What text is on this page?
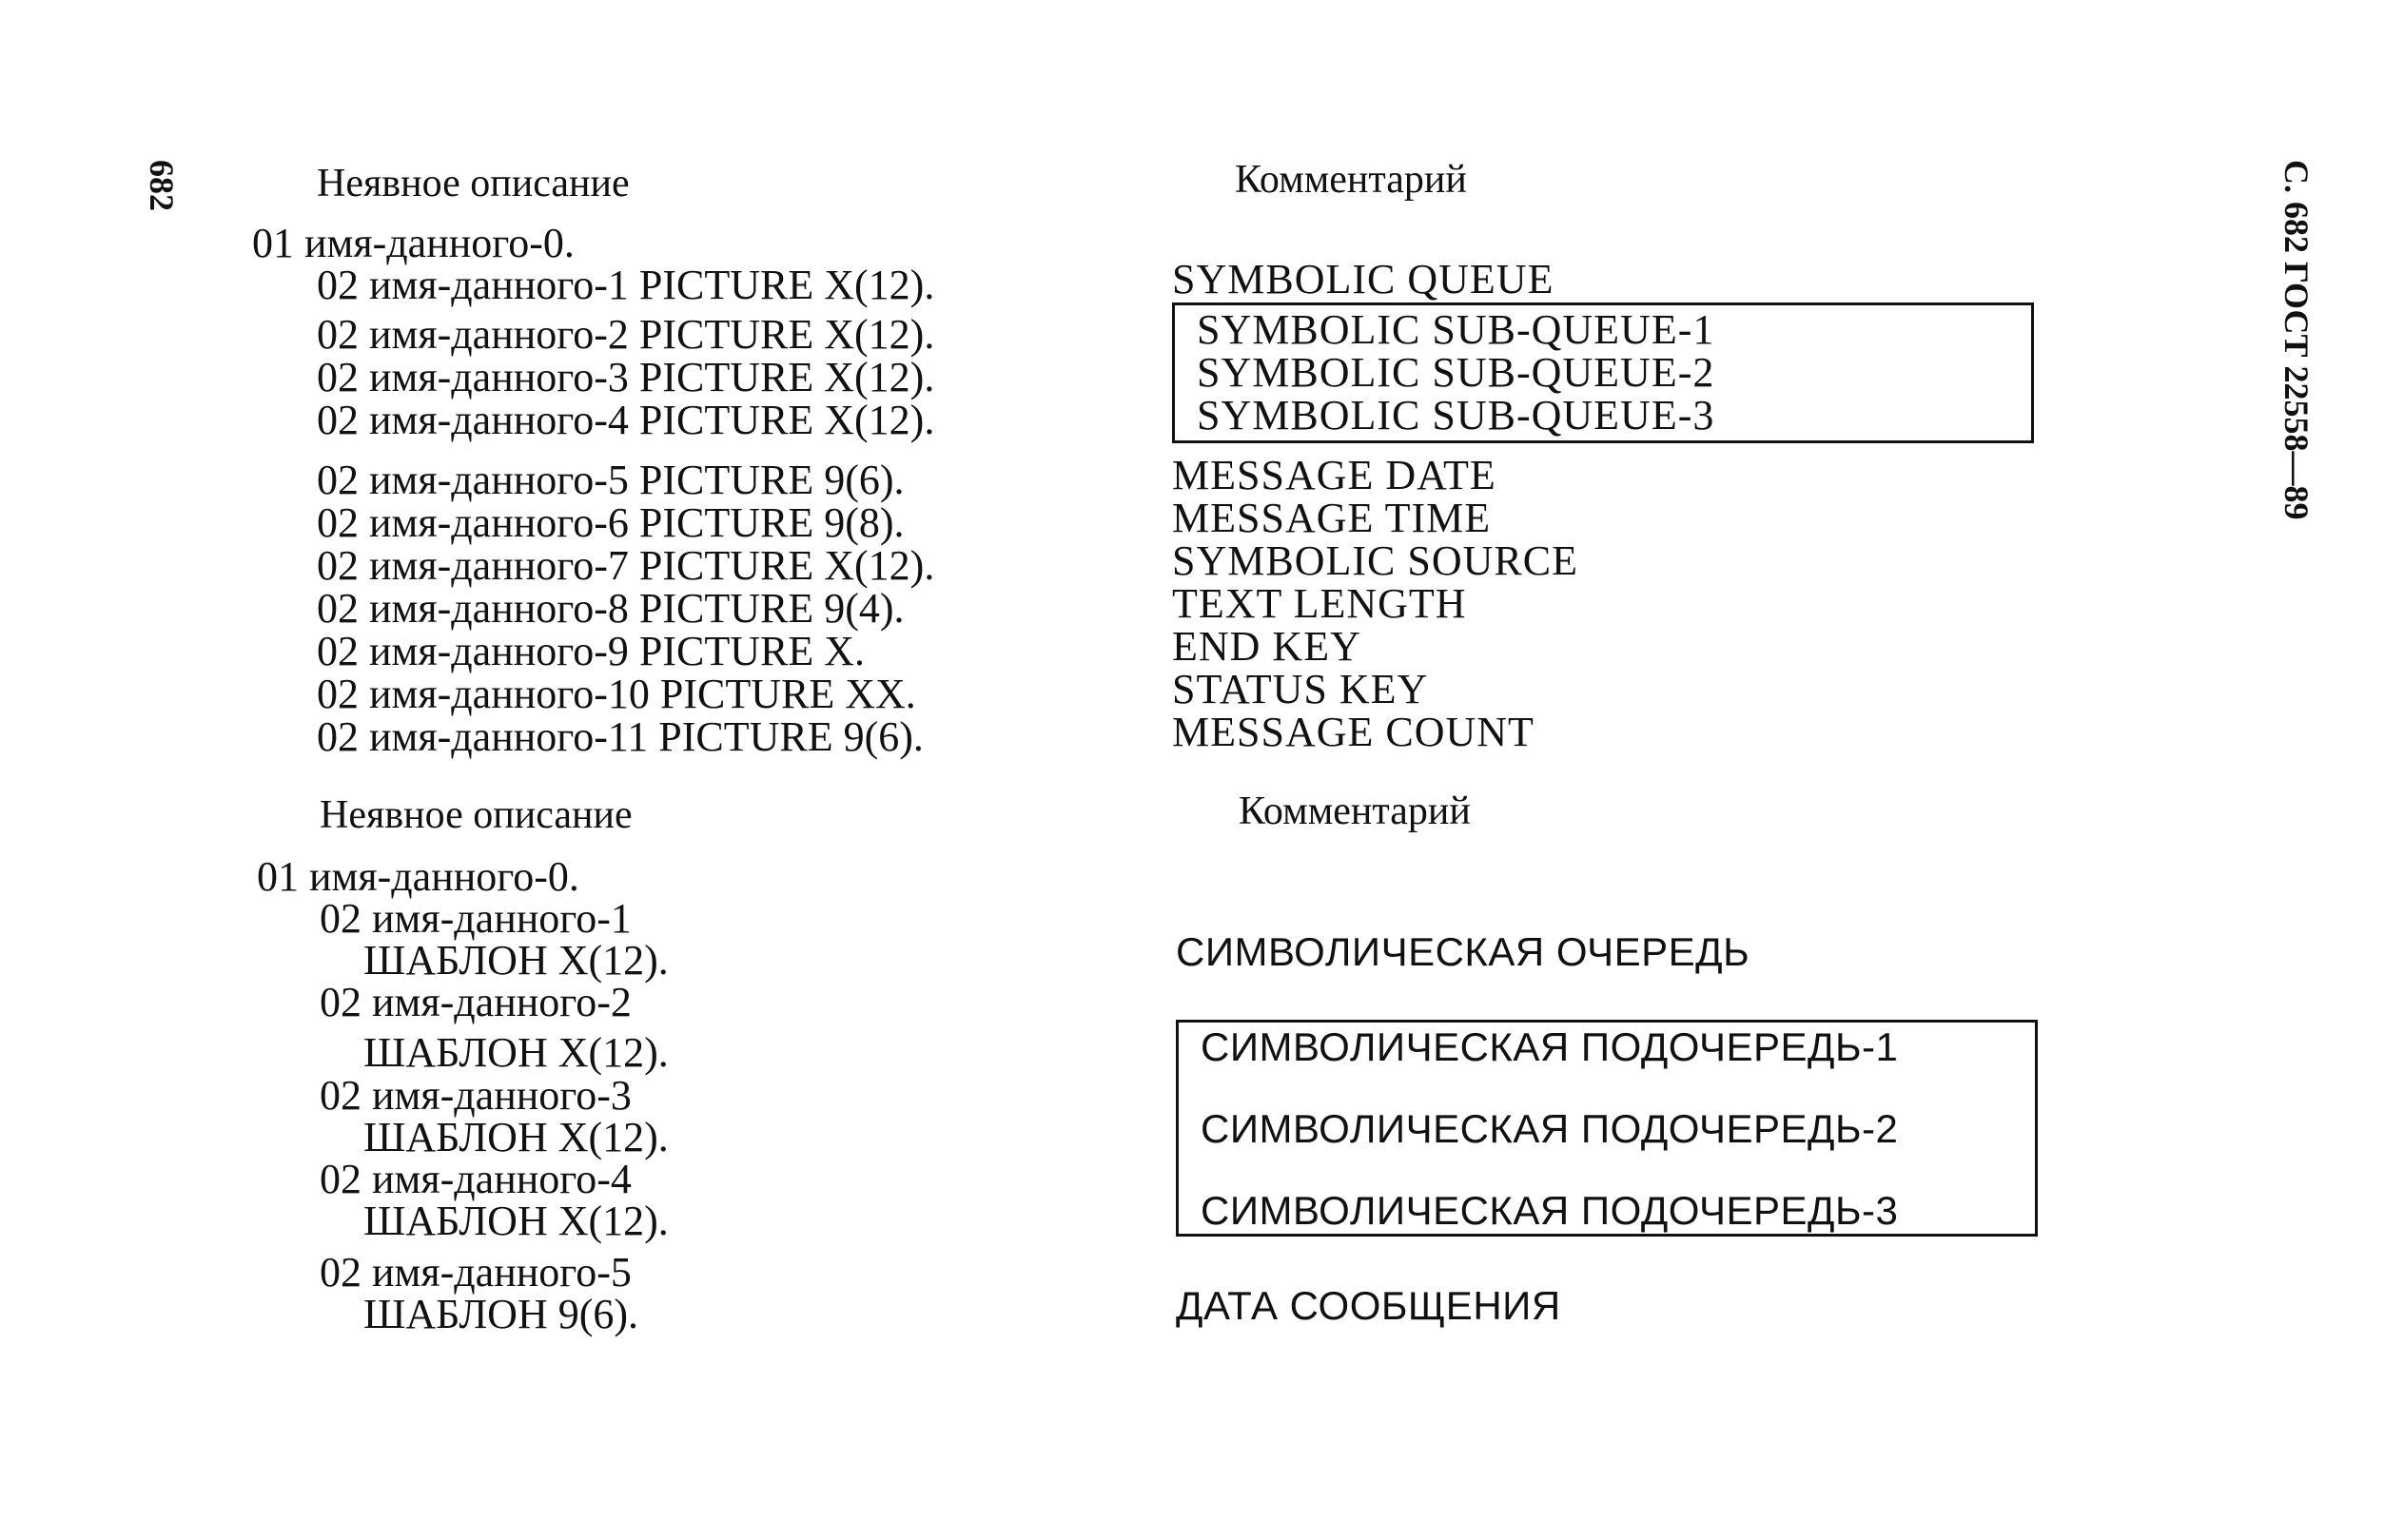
682	С. 682 ГОСТ 22558—89
Неявное описание	Комментарий
01 имя-данного-0.
02 имя-данного-1 PICTURE X(12).
02 имя-данного-2 PICTURE X(12).
02 имя-данного-3 PICTURE X(12).
02 имя-данного-4 PICTURE X(12).
02 имя-данного-5 PICTURE 9(6).
02 имя-данного-6 PICTURE 9(8).
02 имя-данного-7 PICTURE X(12).
02 имя-данного-8 PICTURE 9(4).
02 имя-данного-9 PICTURE X.
02 имя-данного-10 PICTURE XX.
02 имя-данного-11 PICTURE 9(6).
SYMBOLIC QUEUE
SYMBOLIC SUB-QUEUE-1
SYMBOLIC SUB-QUEUE-2
SYMBOLIC SUB-QUEUE-3
MESSAGE DATE
MESSAGE TIME
SYMBOLIC SOURCE
TEXT LENGTH
END KEY
STATUS KEY
MESSAGE COUNT
Неявное описание	Комментарий
01 имя-данного-0.
02 имя-данного-1
ШАБЛОН X(12).
02 имя-данного-2
ШАБЛОН X(12).
02 имя-данного-3
ШАБЛОН X(12).
02 имя-данного-4
ШАБЛОН X(12).
02 имя-данного-5
ШАБЛОН 9(6).
СИМВОЛИЧЕСКАЯ ОЧЕРЕДЬ
СИМВОЛИЧЕСКАЯ ПОДОЧЕРЕДЬ-1
СИМВОЛИЧЕСКАЯ ПОДОЧЕРЕДЬ-2
СИМВОЛИЧЕСКАЯ ПОДОЧЕРЕДЬ-3
ДАТА СООБЩЕНИЯ
